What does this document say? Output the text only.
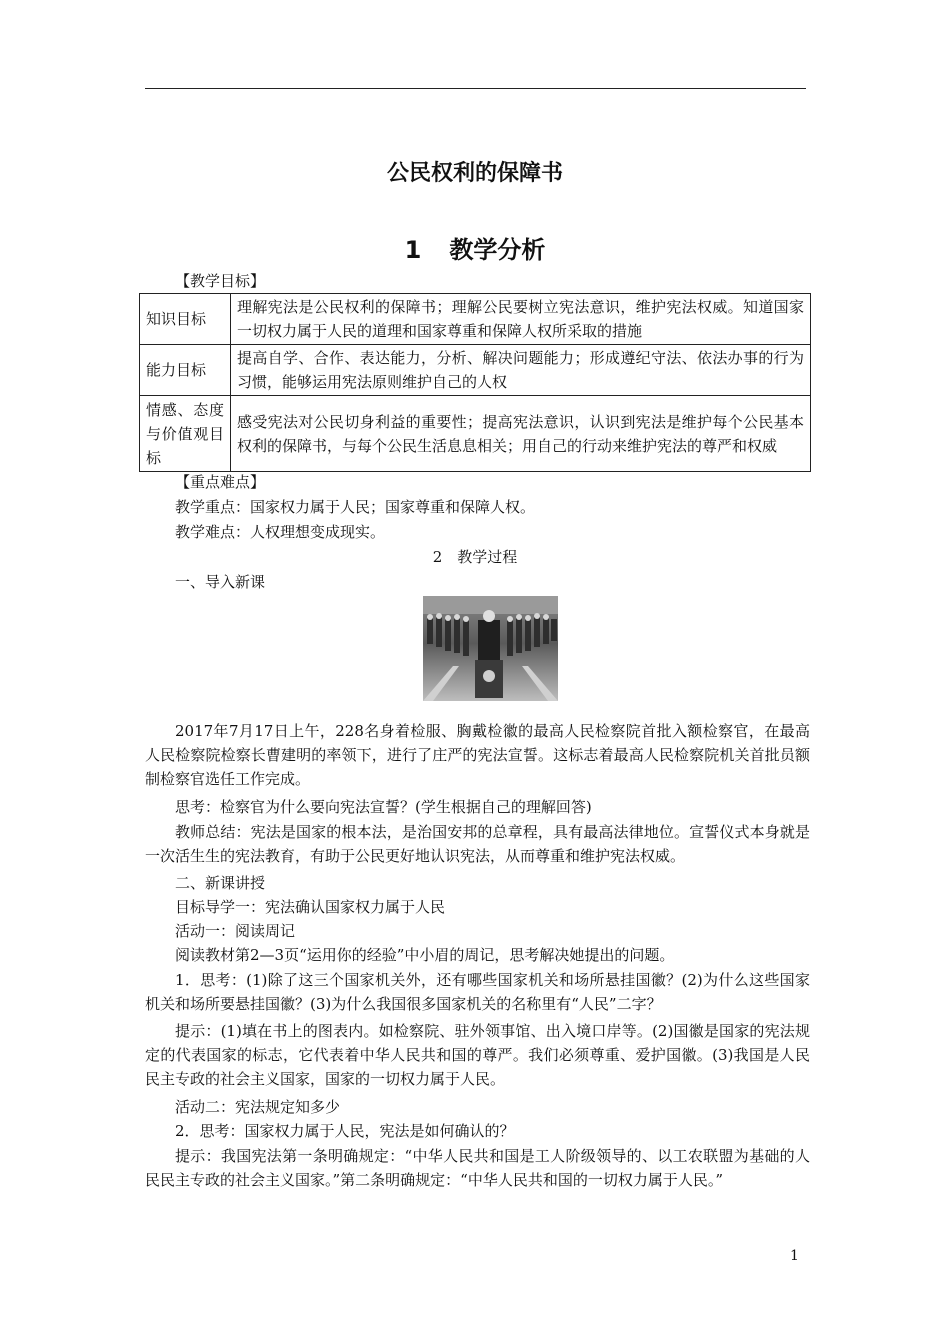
公民权利的保障书
1 教学分析
【教学目标】
知识目标	理解宪法是公民权利的保障书；理解公民要树立宪法意识，维护宪法权威。知道国家一切权力属于人民的道理和国家尊重和保障人权所采取的措施
能力目标	提高自学、合作、表达能力，分析、解决问题能力；形成遵纪守法、依法办事的行为习惯，能够运用宪法原则维护自己的人权
情感、态度与价值观目标	感受宪法对公民切身利益的重要性；提高宪法意识，认识到宪法是维护每个公民基本权利的保障书，与每个公民生活息息相关；用自己的行动来维护宪法的尊严和权威
【重点难点】
教学重点：国家权力属于人民；国家尊重和保障人权。
教学难点：人权理想变成现实。
2　教学过程
一、导入新课
2017年7月17日上午，228名身着检服、胸戴检徽的最高人民检察院首批入额检察官，在最高人民检察院检察长曹建明的率领下，进行了庄严的宪法宣誓。这标志着最高人民检察院机关首批员额制检察官选任工作完成。
思考：检察官为什么要向宪法宣誓？(学生根据自己的理解回答)
教师总结：宪法是国家的根本法，是治国安邦的总章程，具有最高法律地位。宣誓仪式本身就是一次活生生的宪法教育，有助于公民更好地认识宪法，从而尊重和维护宪法权威。
二、新课讲授
目标导学一：宪法确认国家权力属于人民
活动一：阅读周记
阅读教材第2—3页“运用你的经验”中小眉的周记，思考解决她提出的问题。
1．思考：(1)除了这三个国家机关外，还有哪些国家机关和场所悬挂国徽？(2)为什么这些国家机关和场所要悬挂国徽？(3)为什么我国很多国家机关的名称里有“人民”二字？
提示：(1)填在书上的图表内。如检察院、驻外领事馆、出入境口岸等。(2)国徽是国家的宪法规定的代表国家的标志，它代表着中华人民共和国的尊严。我们必须尊重、爱护国徽。(3)我国是人民民主专政的社会主义国家，国家的一切权力属于人民。
活动二：宪法规定知多少
2．思考：国家权力属于人民，宪法是如何确认的？
提示：我国宪法第一条明确规定：“中华人民共和国是工人阶级领导的、以工农联盟为基础的人民民主专政的社会主义国家。”第二条明确规定：“中华人民共和国的一切权力属于人民。”
1
